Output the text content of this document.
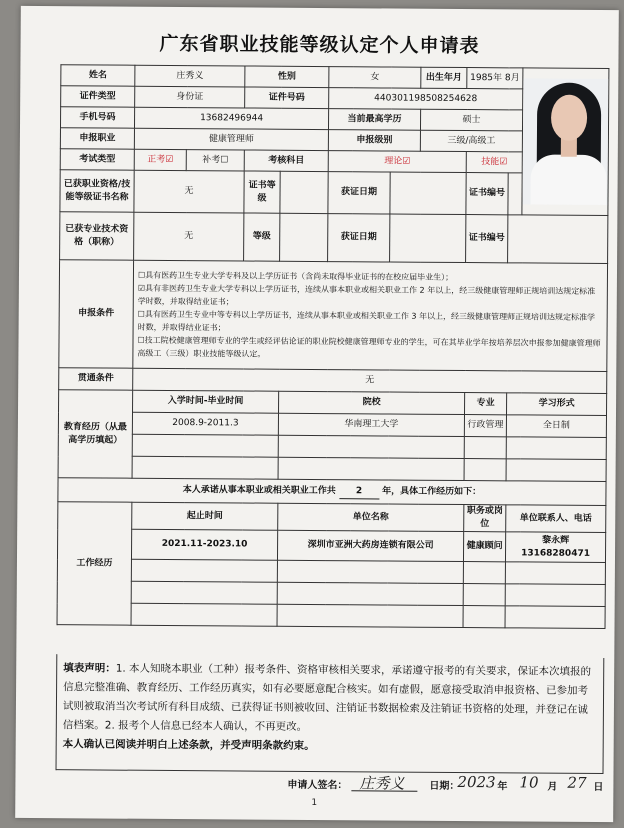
广东省职业技能等级认定个人申请表
姓名	庄秀义		性别		女		出生年月	1985年 8月		

证件类型	身份证		证件号码		440301198508254628					
手机号码	13682496944				当前最高学历		硕士			
申报职业	健康管理师				申报级别		三级/高级工			
考试类型	正考☑	补考☐	考核科目		理论☑			技能☑		
已获职业资格/技能等级证书名称	无		证书等级		获证日期			证书编号		
已获专业技术资格（职称）	无		等级		获证日期			证书编号		
申报条件	☐具有医药卫生专业大学专科及以上学历证书（含尚未取得毕业证书的在校应届毕业生）；
☑具有非医药卫生专业大学专科以上学历证书，连续从事本职业或相关职业工作 2 年以上，经三级健康管理师正规培训达规定标准学时数，并取得结业证书；
☐具有医药卫生专业中等专科以上学历证书，连续从事本职业或相关职业工作 3 年以上，经三级健康管理师正规培训达规定标准学时数，并取得结业证书；
☐技工院校健康管理师专业的学生或经评估论证的职业院校健康管理师专业的学生，可在其毕业学年按培养层次申报参加健康管理师高级工（三级）职业技能等级认定。									

贯通条件	无									
教育经历（从最高学历填起）	入学时间-毕业时间			院校				专业	学习形式	
	2008.9-2011.3			华南理工大学				行政管理	全日制	

本人承诺从事本职业或相关职业工作共 2 年，具体工作经历如下：										
工作经历	起止时间			单位名称				职务或岗位	单位联系人、电话	
	2021.11-2023.10			深圳市亚洲大药房连锁有限公司				健康顾问	黎永辉 13168280471	

填表声明：1. 本人知晓本职业（工种）报考条件、资格审核相关要求，承诺遵守报考的有关要求，保证本次填报的信息完整准确、教育经历、工作经历真实，如有必要愿意配合核实。如有虚假，愿意接受取消申报资格、已参加考试则被取消当次考试所有科目成绩、已获得证书则被收回、注销证书数据检索及注销证书资格的处理，并登记在诚信档案。2. 报考个人信息已经本人确认，不再更改。
本人确认已阅读并明白上述条款，并受声明条款约束。
申请人签名： 庄秀义 日期：
2023 年 10 月 27 日
1
